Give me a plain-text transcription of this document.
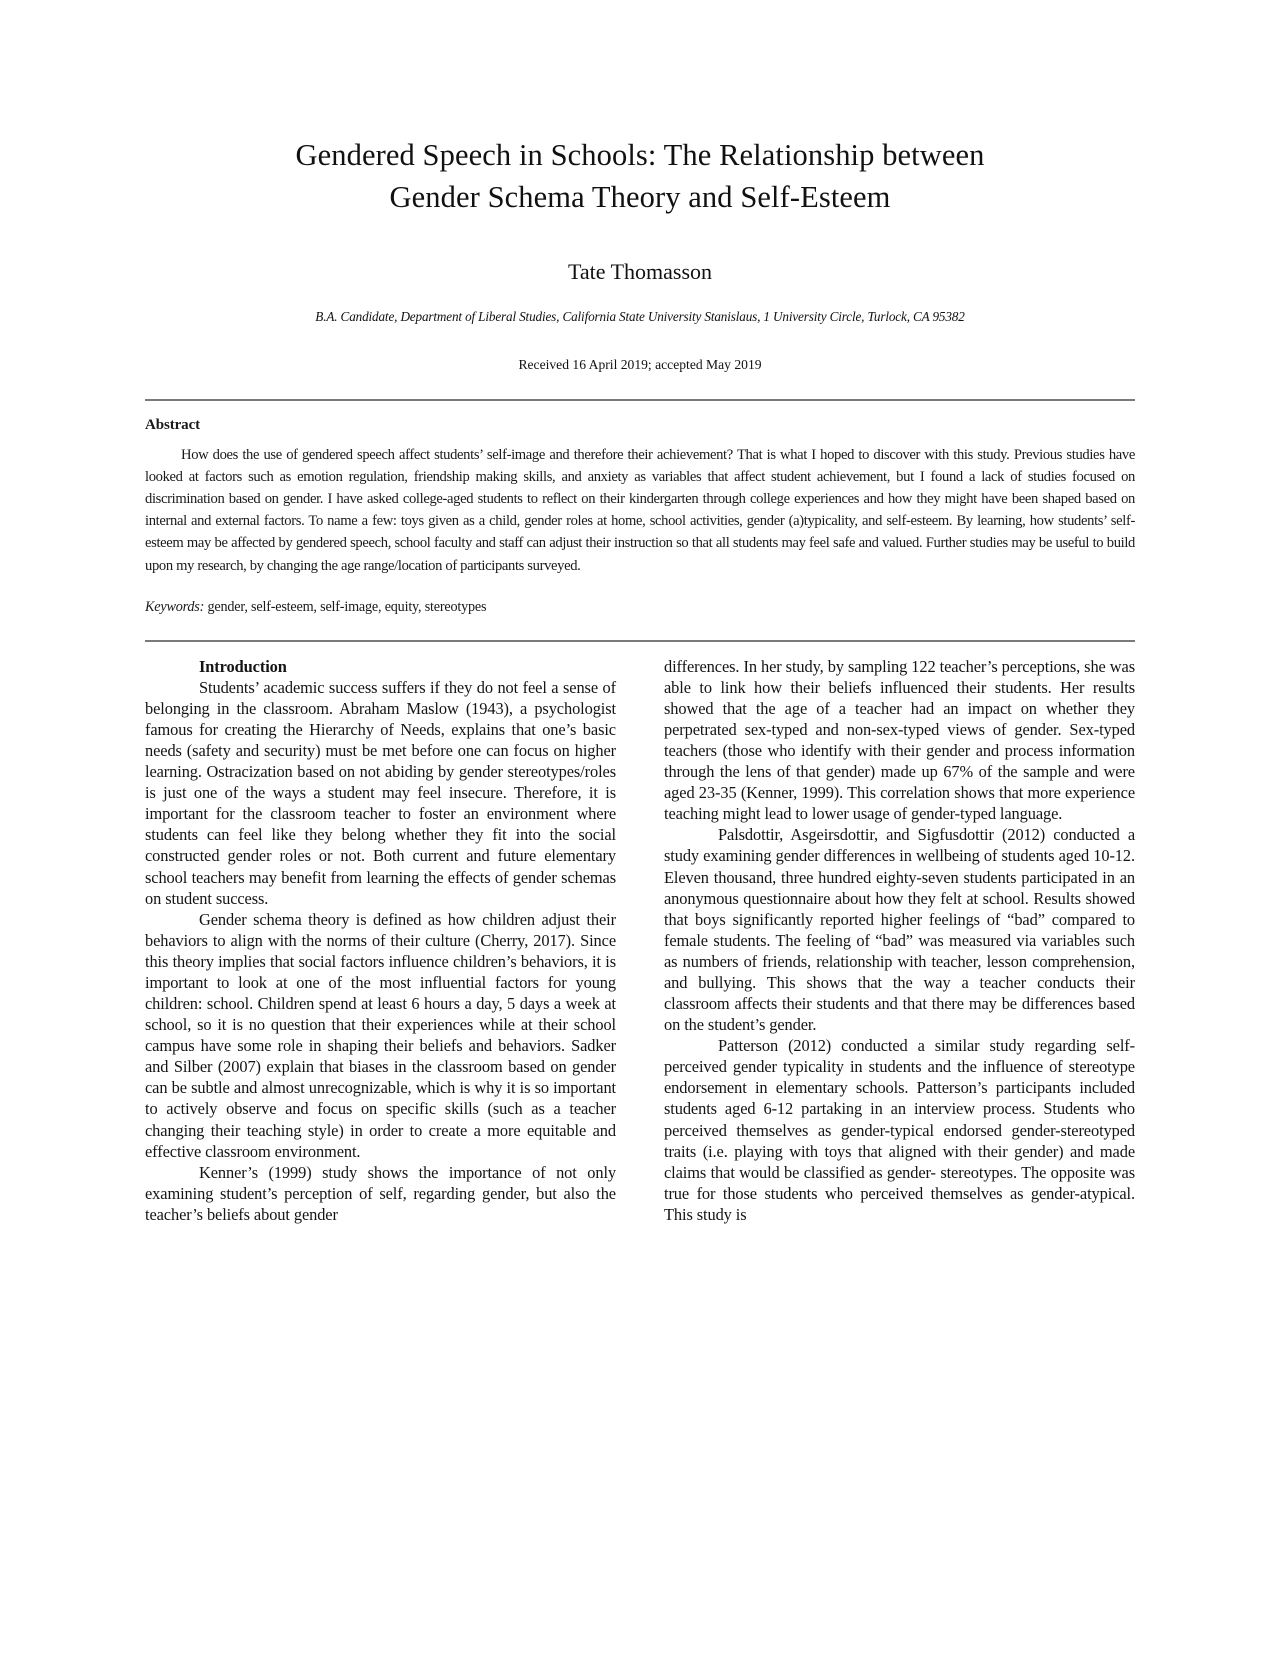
Gendered Speech in Schools: The Relationship between
Gender Schema Theory and Self-Esteem
Tate Thomasson
B.A. Candidate, Department of Liberal Studies, California State University Stanislaus, 1 University Circle, Turlock, CA 95382
Received 16 April 2019; accepted May 2019
Abstract

How does the use of gendered speech affect students’ self-image and therefore their achievement? That is what I hoped to discover with this study. Previous studies have looked at factors such as emotion regulation, friendship making skills, and anxiety as variables that affect student achievement, but I found a lack of studies focused on discrimination based on gender. I have asked college-aged students to reflect on their kindergarten through college experiences and how they might have been shaped based on internal and external factors. To name a few: toys given as a child, gender roles at home, school activities, gender (a)typicality, and self-esteem. By learning, how students’ self-esteem may be affected by gendered speech, school faculty and staff can adjust their instruction so that all students may feel safe and valued. Further studies may be useful to build upon my research, by changing the age range/location of participants surveyed.

Keywords: gender, self-esteem, self-image, equity, stereotypes

Introduction

Students’ academic success suffers if they do not feel a sense of belonging in the classroom. Abraham Maslow (1943), a psychologist famous for creating the Hierarchy of Needs, explains that one’s basic needs (safety and security) must be met before one can focus on higher learning. Ostracization based on not abiding by gender stereotypes/roles is just one of the ways a student may feel insecure. Therefore, it is important for the classroom teacher to foster an environment where students can feel like they belong whether they fit into the social constructed gender roles or not. Both current and future elementary school teachers may benefit from learning the effects of gender schemas on student success.

Gender schema theory is defined as how children adjust their behaviors to align with the norms of their culture (Cherry, 2017). Since this theory implies that social factors influence children’s behaviors, it is important to look at one of the most influential factors for young children: school. Children spend at least 6 hours a day, 5 days a week at school, so it is no question that their experiences while at their school campus have some role in shaping their beliefs and behaviors. Sadker and Silber (2007) explain that biases in the classroom based on gender can be subtle and almost unrecognizable, which is why it is so important to actively observe and focus on specific skills (such as a teacher changing their teaching style) in order to create a more equitable and effective classroom environment.

Kenner’s (1999) study shows the importance of not only examining student’s perception of self, regarding gender, but also the teacher’s beliefs about gender

differences. In her study, by sampling 122 teacher’s perceptions, she was able to link how their beliefs influenced their students. Her results showed that the age of a teacher had an impact on whether they perpetrated sex-typed and non-sex-typed views of gender. Sex-typed teachers (those who identify with their gender and process information through the lens of that gender) made up 67% of the sample and were aged 23-35 (Kenner, 1999). This correlation shows that more experience teaching might lead to lower usage of gender-typed language.

Palsdottir, Asgeirsdottir, and Sigfusdottir (2012) conducted a study examining gender differences in wellbeing of students aged 10-12. Eleven thousand, three hundred eighty-seven students participated in an anonymous questionnaire about how they felt at school. Results showed that boys significantly reported higher feelings of “bad” compared to female students. The feeling of “bad” was measured via variables such as numbers of friends, relationship with teacher, lesson comprehension, and bullying. This shows that the way a teacher conducts their classroom affects their students and that there may be differences based on the student’s gender.

Patterson (2012) conducted a similar study regarding self-perceived gender typicality in students and the influence of stereotype endorsement in elementary schools. Patterson’s participants included students aged 6-12 partaking in an interview process. Students who perceived themselves as gender-typical endorsed gender-stereotyped traits (i.e. playing with toys that aligned with their gender) and made claims that would be classified as gender- stereotypes. The opposite was true for those students who perceived themselves as gender-atypical. This study is
